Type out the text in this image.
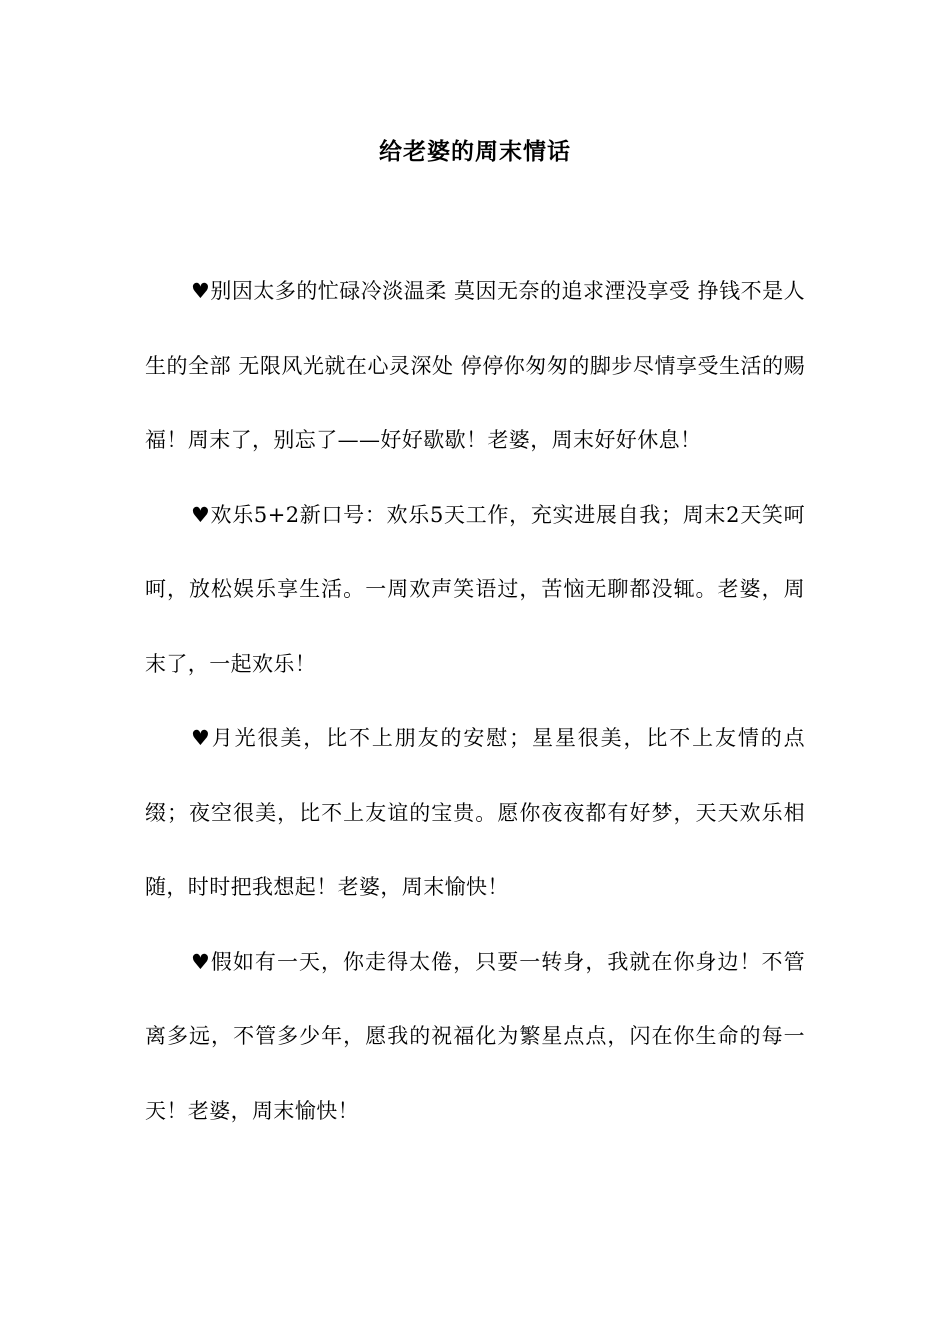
给老婆的周末情话

♥别因太多的忙碌冷淡温柔 莫因无奈的追求湮没享受 挣钱不是人生的全部 无限风光就在心灵深处 停停你匆匆的脚步尽情享受生活的赐福！周末了，别忘了——好好歇歇！老婆，周末好好休息！

♥欢乐5+2新口号：欢乐5天工作，充实进展自我；周末2天笑呵呵，放松娱乐享生活。一周欢声笑语过，苦恼无聊都没辄。老婆，周末了，一起欢乐！

♥月光很美，比不上朋友的安慰；星星很美，比不上友情的点缀；夜空很美，比不上友谊的宝贵。愿你夜夜都有好梦，天天欢乐相随，时时把我想起！老婆，周末愉快！

♥假如有一天，你走得太倦，只要一转身，我就在你身边！不管离多远，不管多少年，愿我的祝福化为繁星点点，闪在你生命的每一天！老婆，周末愉快！
